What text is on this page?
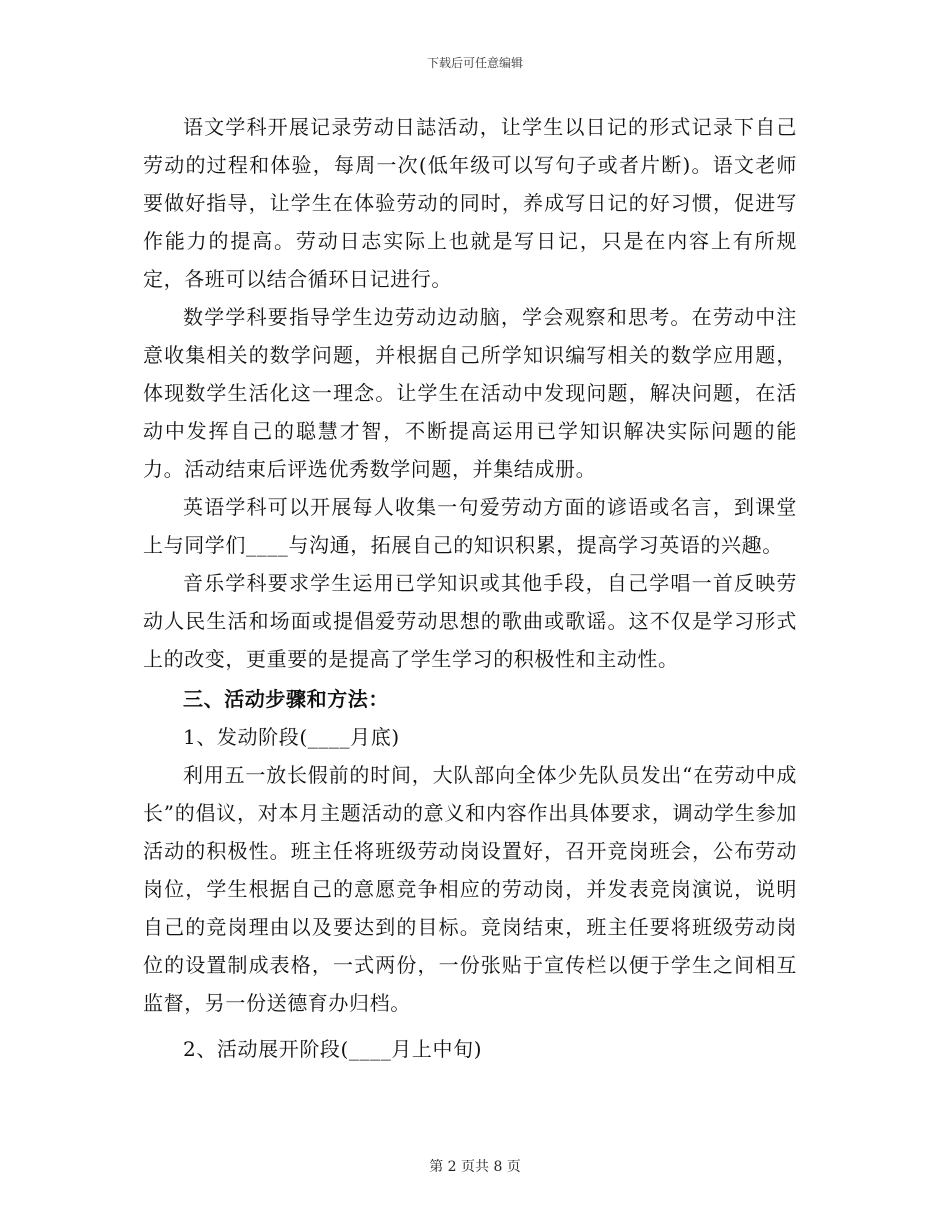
下载后可任意编辑

语文学科开展记录劳动日誌活动，让学生以日记的形式记录下自己劳动的过程和体验，每周一次(低年级可以写句子或者片断)。语文老师要做好指导，让学生在体验劳动的同时，养成写日记的好习惯，促进写作能力的提高。劳动日志实际上也就是写日记，只是在内容上有所规定，各班可以结合循环日记进行。

数学学科要指导学生边劳动边动脑，学会观察和思考。在劳动中注意收集相关的数学问题，并根据自己所学知识编写相关的数学应用题，体现数学生活化这一理念。让学生在活动中发现问题，解决问题，在活动中发挥自己的聪慧才智，不断提高运用已学知识解决实际问题的能力。活动结束后评选优秀数学问题，并集结成册。

英语学科可以开展每人收集一句爱劳动方面的谚语或名言，到课堂上与同学们____与沟通，拓展自己的知识积累，提高学习英语的兴趣。

音乐学科要求学生运用已学知识或其他手段，自己学唱一首反映劳动人民生活和场面或提倡爱劳动思想的歌曲或歌谣。这不仅是学习形式上的改变，更重要的是提高了学生学习的积极性和主动性。

三、活动步骤和方法：

1、发动阶段(____月底)

利用五一放长假前的时间，大队部向全体少先队员发出“在劳动中成长”的倡议，对本月主题活动的意义和内容作出具体要求，调动学生参加活动的积极性。班主任将班级劳动岗设置好，召开竞岗班会，公布劳动岗位，学生根据自己的意愿竞争相应的劳动岗，并发表竞岗演说，说明自己的竞岗理由以及要达到的目标。竞岗结束，班主任要将班级劳动岗位的设置制成表格，一式两份，一份张贴于宣传栏以便于学生之间相互监督，另一份送德育办归档。

2、活动展开阶段(____月上中旬)

第 2 页共 8 页
